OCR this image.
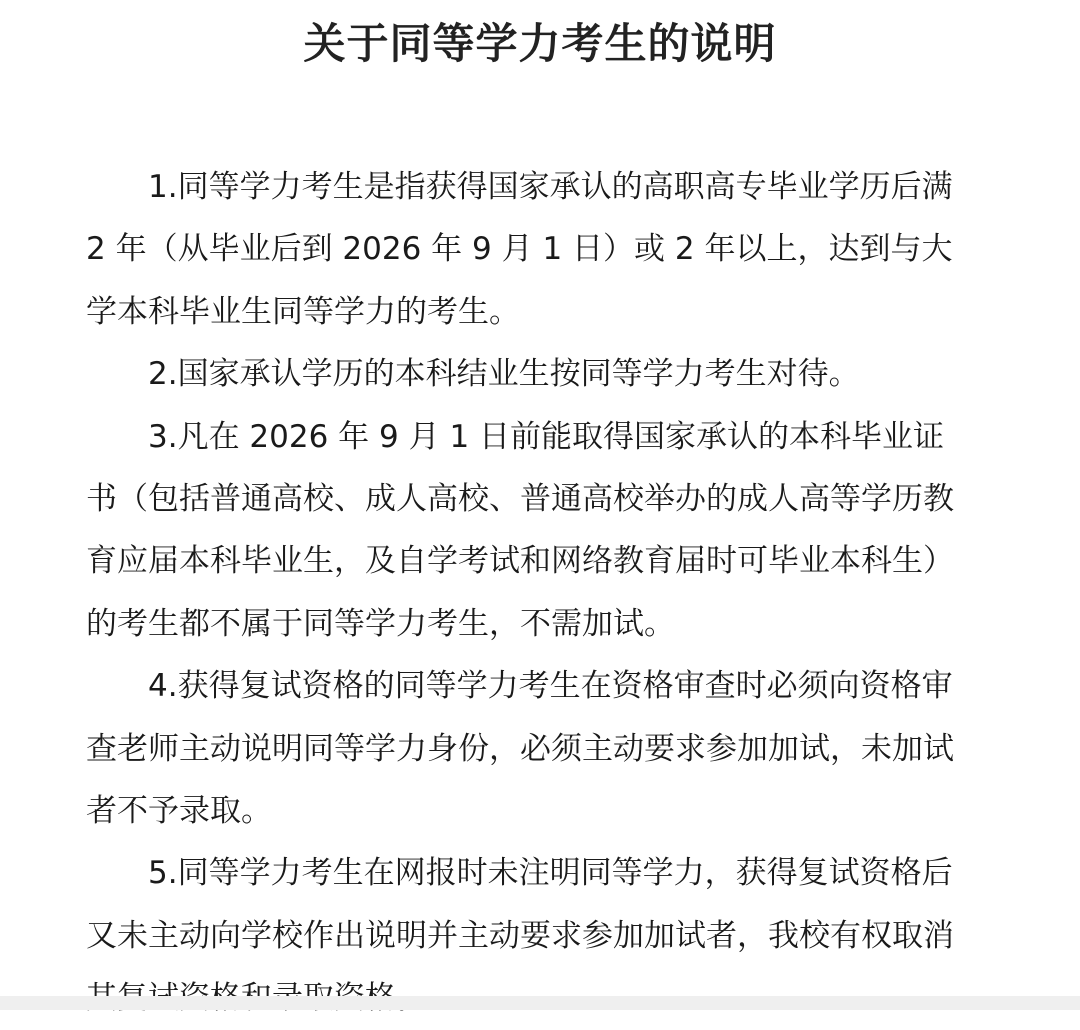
关于同等学力考生的说明

1.同等学力考生是指获得国家承认的高职高专毕业学历后满 2 年（从毕业后到 2026 年 9 月 1 日）或 2 年以上，达到与大学本科毕业生同等学力的考生。

2.国家承认学历的本科结业生按同等学力考生对待。

3.凡在 2026 年 9 月 1 日前能取得国家承认的本科毕业证书（包括普通高校、成人高校、普通高校举办的成人高等学历教育应届本科毕业生，及自学考试和网络教育届时可毕业本科生）的考生都不属于同等学力考生，不需加试。

4.获得复试资格的同等学力考生在资格审查时必须向资格审查老师主动说明同等学力身份，必须主动要求参加加试，未加试者不予录取。

5.同等学力考生在网报时未注明同等学力，获得复试资格后又未主动向学校作出说明并主动要求参加加试者，我校有权取消
